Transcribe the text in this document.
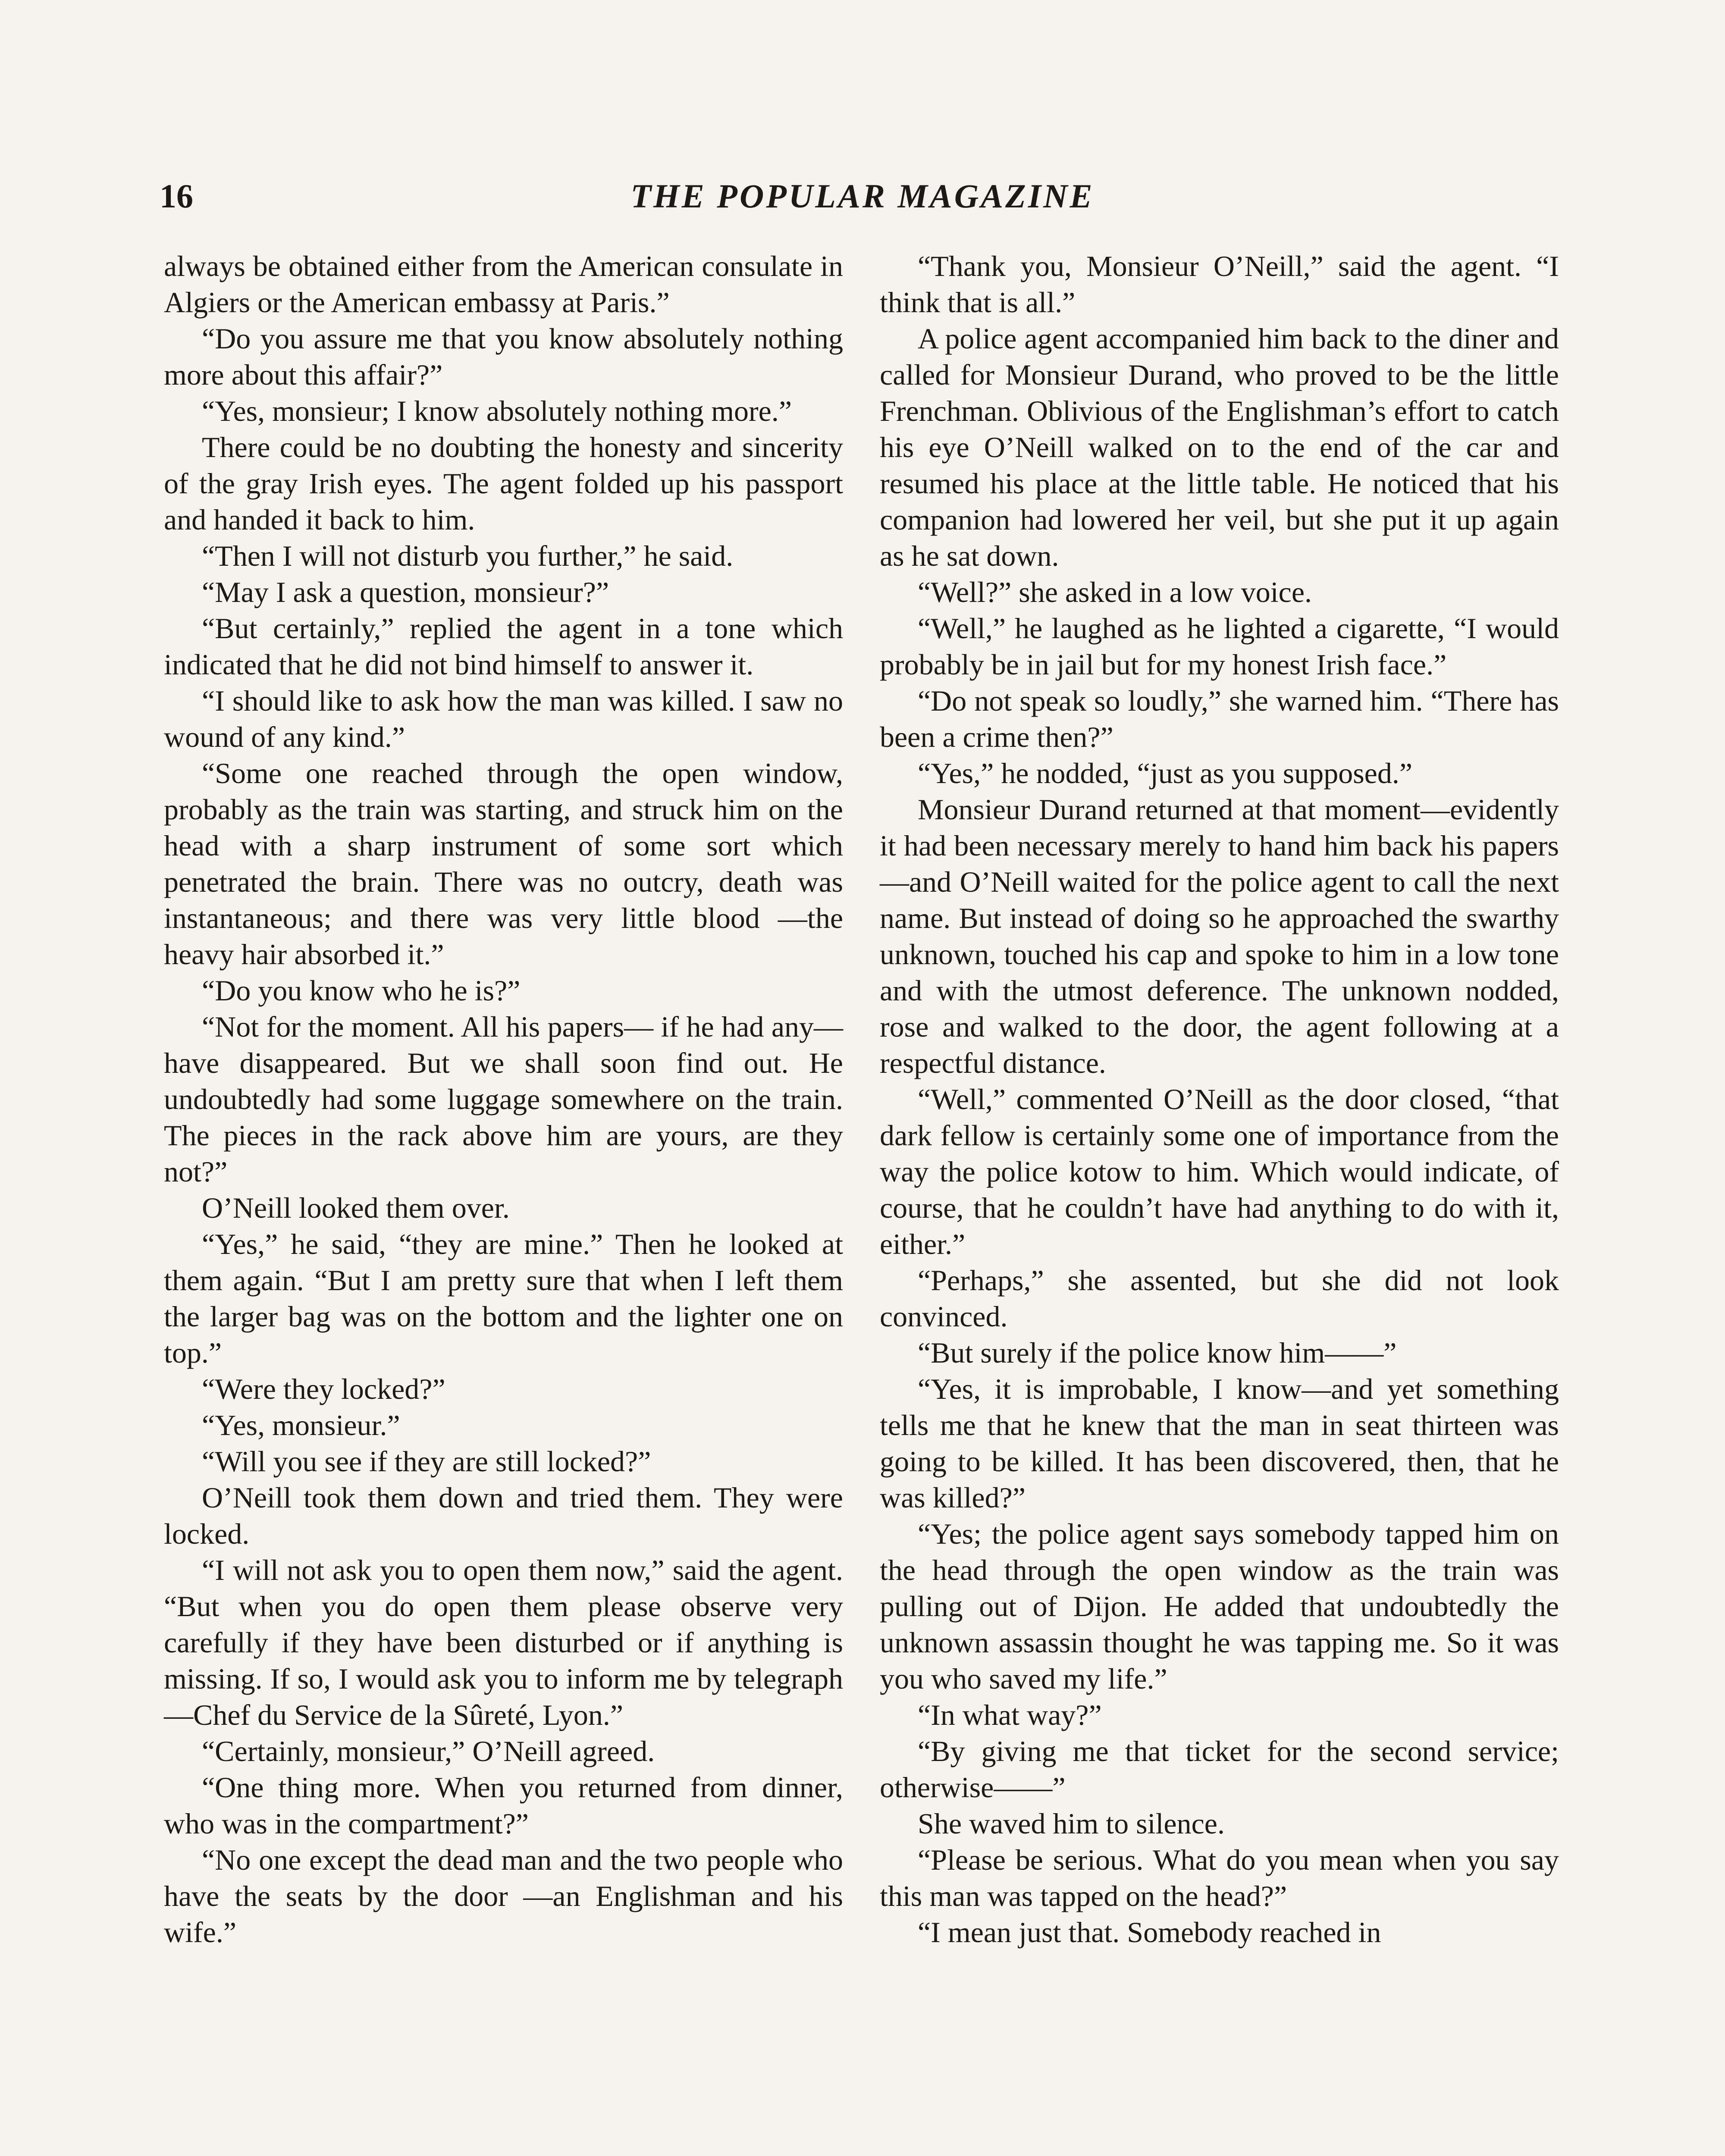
16	THE POPULAR MAGAZINE

always be obtained either from the American consulate in Algiers or the American embassy at Paris.”

“Do you assure me that you know absolutely nothing more about this affair?”

“Yes, monsieur; I know absolutely nothing more.”

There could be no doubting the honesty and sincerity of the gray Irish eyes. The agent folded up his passport and handed it back to him.

“Then I will not disturb you further,” he said.

“May I ask a question, monsieur?”

“But certainly,” replied the agent in a tone which indicated that he did not bind himself to answer it.

“I should like to ask how the man was killed. I saw no wound of any kind.”

“Some one reached through the open window, probably as the train was starting, and struck him on the head with a sharp instrument of some sort which penetrated the brain. There was no outcry, death was instantaneous; and there was very little blood —the heavy hair absorbed it.”

“Do you know who he is?”

“Not for the moment. All his papers— if he had any—have disappeared. But we shall soon find out. He undoubtedly had some luggage somewhere on the train. The pieces in the rack above him are yours, are they not?”

O’Neill looked them over.

“Yes,” he said, “they are mine.” Then he looked at them again. “But I am pretty sure that when I left them the larger bag was on the bottom and the lighter one on top.”

“Were they locked?”

“Yes, monsieur.”

“Will you see if they are still locked?”

O’Neill took them down and tried them. They were locked.

“I will not ask you to open them now,” said the agent. “But when you do open them please observe very carefully if they have been disturbed or if anything is missing. If so, I would ask you to inform me by telegraph—Chef du Service de la Sûreté, Lyon.”

“Certainly, monsieur,” O’Neill agreed.

“One thing more. When you returned from dinner, who was in the compartment?”

“No one except the dead man and the two people who have the seats by the door —an Englishman and his wife.”

“Thank you, Monsieur O’Neill,” said the agent. “I think that is all.”

A police agent accompanied him back to the diner and called for Monsieur Durand, who proved to be the little Frenchman. Oblivious of the Englishman’s effort to catch his eye O’Neill walked on to the end of the car and resumed his place at the little table. He noticed that his companion had lowered her veil, but she put it up again as he sat down.

“Well?” she asked in a low voice.

“Well,” he laughed as he lighted a cigarette, “I would probably be in jail but for my honest Irish face.”

“Do not speak so loudly,” she warned him. “There has been a crime then?”

“Yes,” he nodded, “just as you supposed.”

Monsieur Durand returned at that moment—evidently it had been necessary merely to hand him back his papers—and O’Neill waited for the police agent to call the next name. But instead of doing so he approached the swarthy unknown, touched his cap and spoke to him in a low tone and with the utmost deference. The unknown nodded, rose and walked to the door, the agent following at a respectful distance.

“Well,” commented O’Neill as the door closed, “that dark fellow is certainly some one of importance from the way the police kotow to him. Which would indicate, of course, that he couldn’t have had anything to do with it, either.”

“Perhaps,” she assented, but she did not look convinced.

“But surely if the police know him——”

“Yes, it is improbable, I know—and yet something tells me that he knew that the man in seat thirteen was going to be killed. It has been discovered, then, that he was killed?”

“Yes; the police agent says somebody tapped him on the head through the open window as the train was pulling out of Dijon. He added that undoubtedly the unknown assassin thought he was tapping me. So it was you who saved my life.”

“In what way?”

“By giving me that ticket for the second service; otherwise——”

She waved him to silence.

“Please be serious. What do you mean when you say this man was tapped on the head?”

“I mean just that. Somebody reached in
